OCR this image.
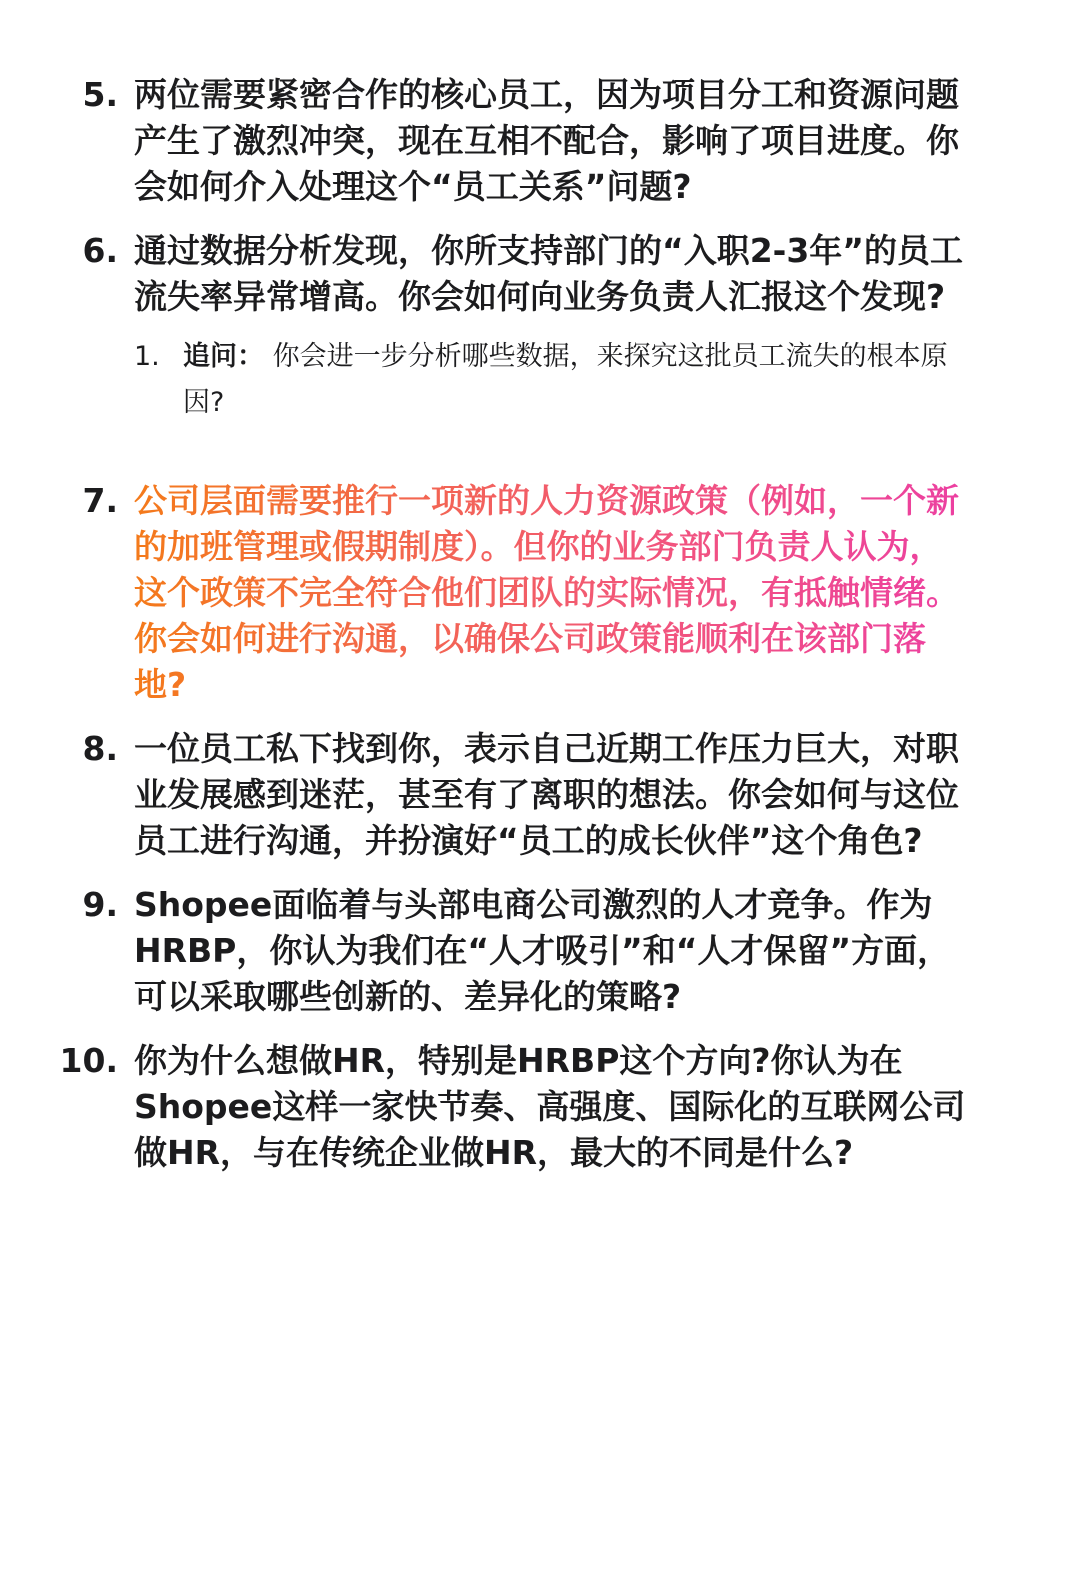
5. 两位需要紧密合作的核心员工，因为项目分工和资源问题产生了激烈冲突，现在互相不配合，影响了项目进度。你会如何介入处理这个“员工关系”问题?
6. 通过数据分析发现，你所支持部门的“入职2-3年”的员工流失率异常增高。你会如何向业务负责人汇报这个发现?
1. 追问： 你会进一步分析哪些数据，来探究这批员工流失的根本原因?
7. 公司层面需要推行一项新的人力资源政策（例如，一个新的加班管理或假期制度）。但你的业务部门负责人认为，这个政策不完全符合他们团队的实际情况，有抵触情绪。你会如何进行沟通，以确保公司政策能顺利在该部门落地?
8. 一位员工私下找到你，表示自己近期工作压力巨大，对职业发展感到迷茫，甚至有了离职的想法。你会如何与这位员工进行沟通，并扮演好“员工的成长伙伴”这个角色?
9. Shopee面临着与头部电商公司激烈的人才竞争。作为HRBP，你认为我们在“人才吸引”和“人才保留”方面，可以采取哪些创新的、差异化的策略?
10. 你为什么想做HR，特别是HRBP这个方向?你认为在Shopee这样一家快节奏、高强度、国际化的互联网公司做HR，与在传统企业做HR，最大的不同是什么?
